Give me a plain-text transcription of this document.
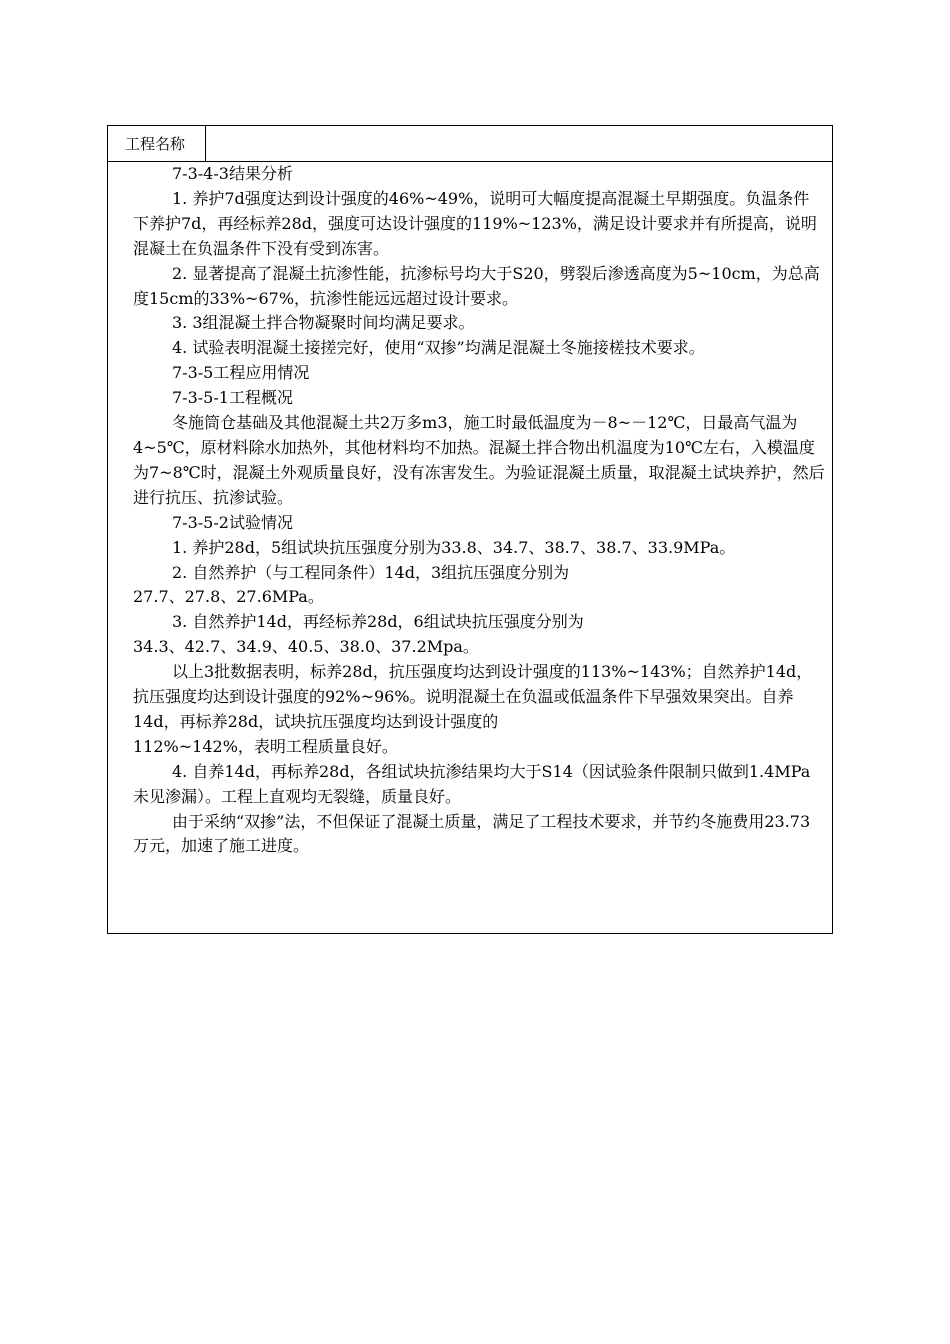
工程名称

7-3-4-3结果分析

1. 养护7d强度达到设计强度的46%~49%，说明可大幅度提高混凝土早期强度。负温条件下养护7d，再经标养28d，强度可达设计强度的119%~123%，满足设计要求并有所提高，说明混凝土在负温条件下没有受到冻害。

2. 显著提高了混凝土抗渗性能，抗渗标号均大于S20，劈裂后渗透高度为5~10cm，为总高度15cm的33%~67%，抗渗性能远远超过设计要求。

3. 3组混凝土拌合物凝聚时间均满足要求。

4. 试验表明混凝土接搓完好，使用“双掺”均满足混凝土冬施接槎技术要求。

7-3-5工程应用情况

7-3-5-1工程概况

冬施筒仓基础及其他混凝土共2万多m3，施工时最低温度为－8~－12℃，日最高气温为4~5℃，原材料除水加热外，其他材料均不加热。混凝土拌合物出机温度为10℃左右，入模温度为7~8℃时，混凝土外观质量良好，没有冻害发生。为验证混凝土质量，取混凝土试块养护，然后进行抗压、抗渗试验。

7-3-5-2试验情况

1. 养护28d，5组试块抗压强度分别为33.8、34.7、38.7、38.7、33.9MPa。

2. 自然养护（与工程同条件）14d，3组抗压强度分别为

27.7、27.8、27.6MPa。

3. 自然养护14d，再经标养28d，6组试块抗压强度分别为

34.3、42.7、34.9、40.5、38.0、37.2Mpa。

以上3批数据表明，标养28d，抗压强度均达到设计强度的113%~143%；自然养护14d，抗压强度均达到设计强度的92%~96%。说明混凝土在负温或低温条件下早强效果突出。自养14d，再标养28d，试块抗压强度均达到设计强度的

112%~142%，表明工程质量良好。

4. 自养14d，再标养28d，各组试块抗渗结果均大于S14（因试验条件限制只做到1.4MPa未见渗漏）。工程上直观均无裂缝，质量良好。

由于采纳“双掺”法，不但保证了混凝土质量，满足了工程技术要求，并节约冬施费用23.73万元，加速了施工进度。
